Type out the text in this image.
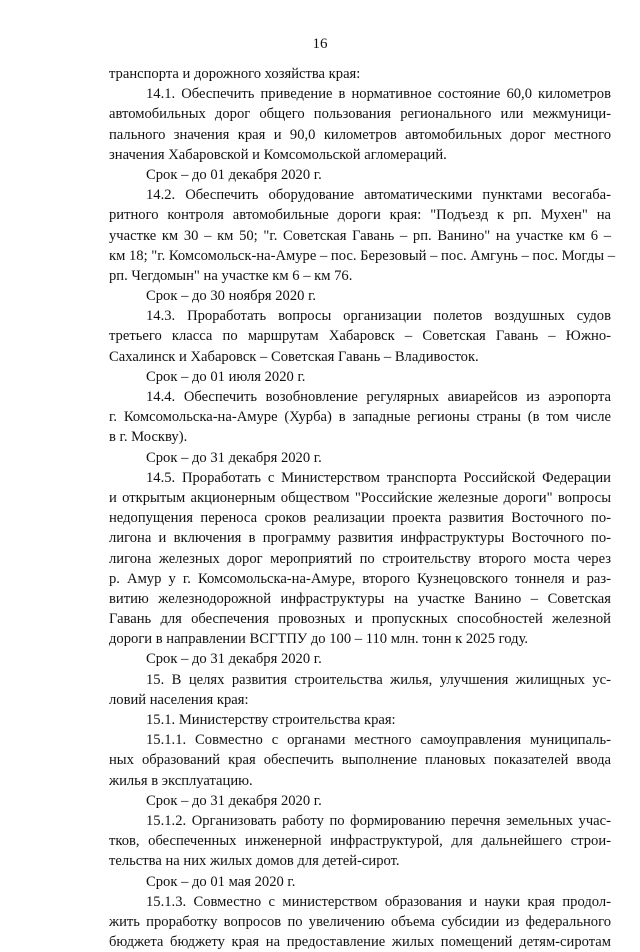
16
транспорта и дорожного хозяйства края:
14.1. Обеспечить приведение в нормативное состояние 60,0 километров
автомобильных дорог общего пользования регионального или межмуници-
пального значения края и 90,0 километров автомобильных дорог местного
значения Хабаровской и Комсомольской агломераций.
Срок – до 01 декабря 2020 г.
14.2. Обеспечить оборудование автоматическими пунктами весогаба-
ритного контроля автомобильные дороги края: "Подъезд к рп. Мухен" на
участке км 30 – км 50; "г. Советская Гавань – рп. Ванино" на участке км 6 –
км 18; "г. Комсомольск-на-Амуре – пос. Березовый – пос. Амгунь – пос. Могды –
рп. Чегдомын" на участке км 6 – км 76.
Срок – до 30 ноября 2020 г.
14.3. Проработать вопросы организации полетов воздушных судов
третьего класса по маршрутам Хабаровск – Советская Гавань – Южно-
Сахалинск и Хабаровск – Советская Гавань – Владивосток.
Срок – до 01 июля 2020 г.
14.4. Обеспечить возобновление регулярных авиарейсов из аэропорта
г. Комсомольска-на-Амуре (Хурба) в западные регионы страны (в том числе
в г. Москву).
Срок – до 31 декабря 2020 г.
14.5. Проработать с Министерством транспорта Российской Федерации
и открытым акционерным обществом "Российские железные дороги" вопросы
недопущения переноса сроков реализации проекта развития Восточного по-
лигона и включения в программу развития инфраструктуры Восточного по-
лигона железных дорог мероприятий по строительству второго моста через
р. Амур у г. Комсомольска-на-Амуре, второго Кузнецовского тоннеля и раз-
витию железнодорожной инфраструктуры на участке Ванино – Советская
Гавань для обеспечения провозных и пропускных способностей железной
дороги в направлении ВСГТПУ до 100 – 110 млн. тонн к 2025 году.
Срок – до 31 декабря 2020 г.
15. В целях развития строительства жилья, улучшения жилищных ус-
ловий населения края:
15.1. Министерству строительства края:
15.1.1. Совместно с органами местного самоуправления муниципаль-
ных образований края обеспечить выполнение плановых показателей ввода
жилья в эксплуатацию.
Срок – до 31 декабря 2020 г.
15.1.2. Организовать работу по формированию перечня земельных учас-
тков, обеспеченных инженерной инфраструктурой, для дальнейшего строи-
тельства на них жилых домов для детей-сирот.
Срок – до 01 мая 2020 г.
15.1.3. Совместно с министерством образования и науки края продол-
жить проработку вопросов по увеличению объема субсидии из федерального
бюджета бюджету края на предоставление жилых помещений детям-сиротам
